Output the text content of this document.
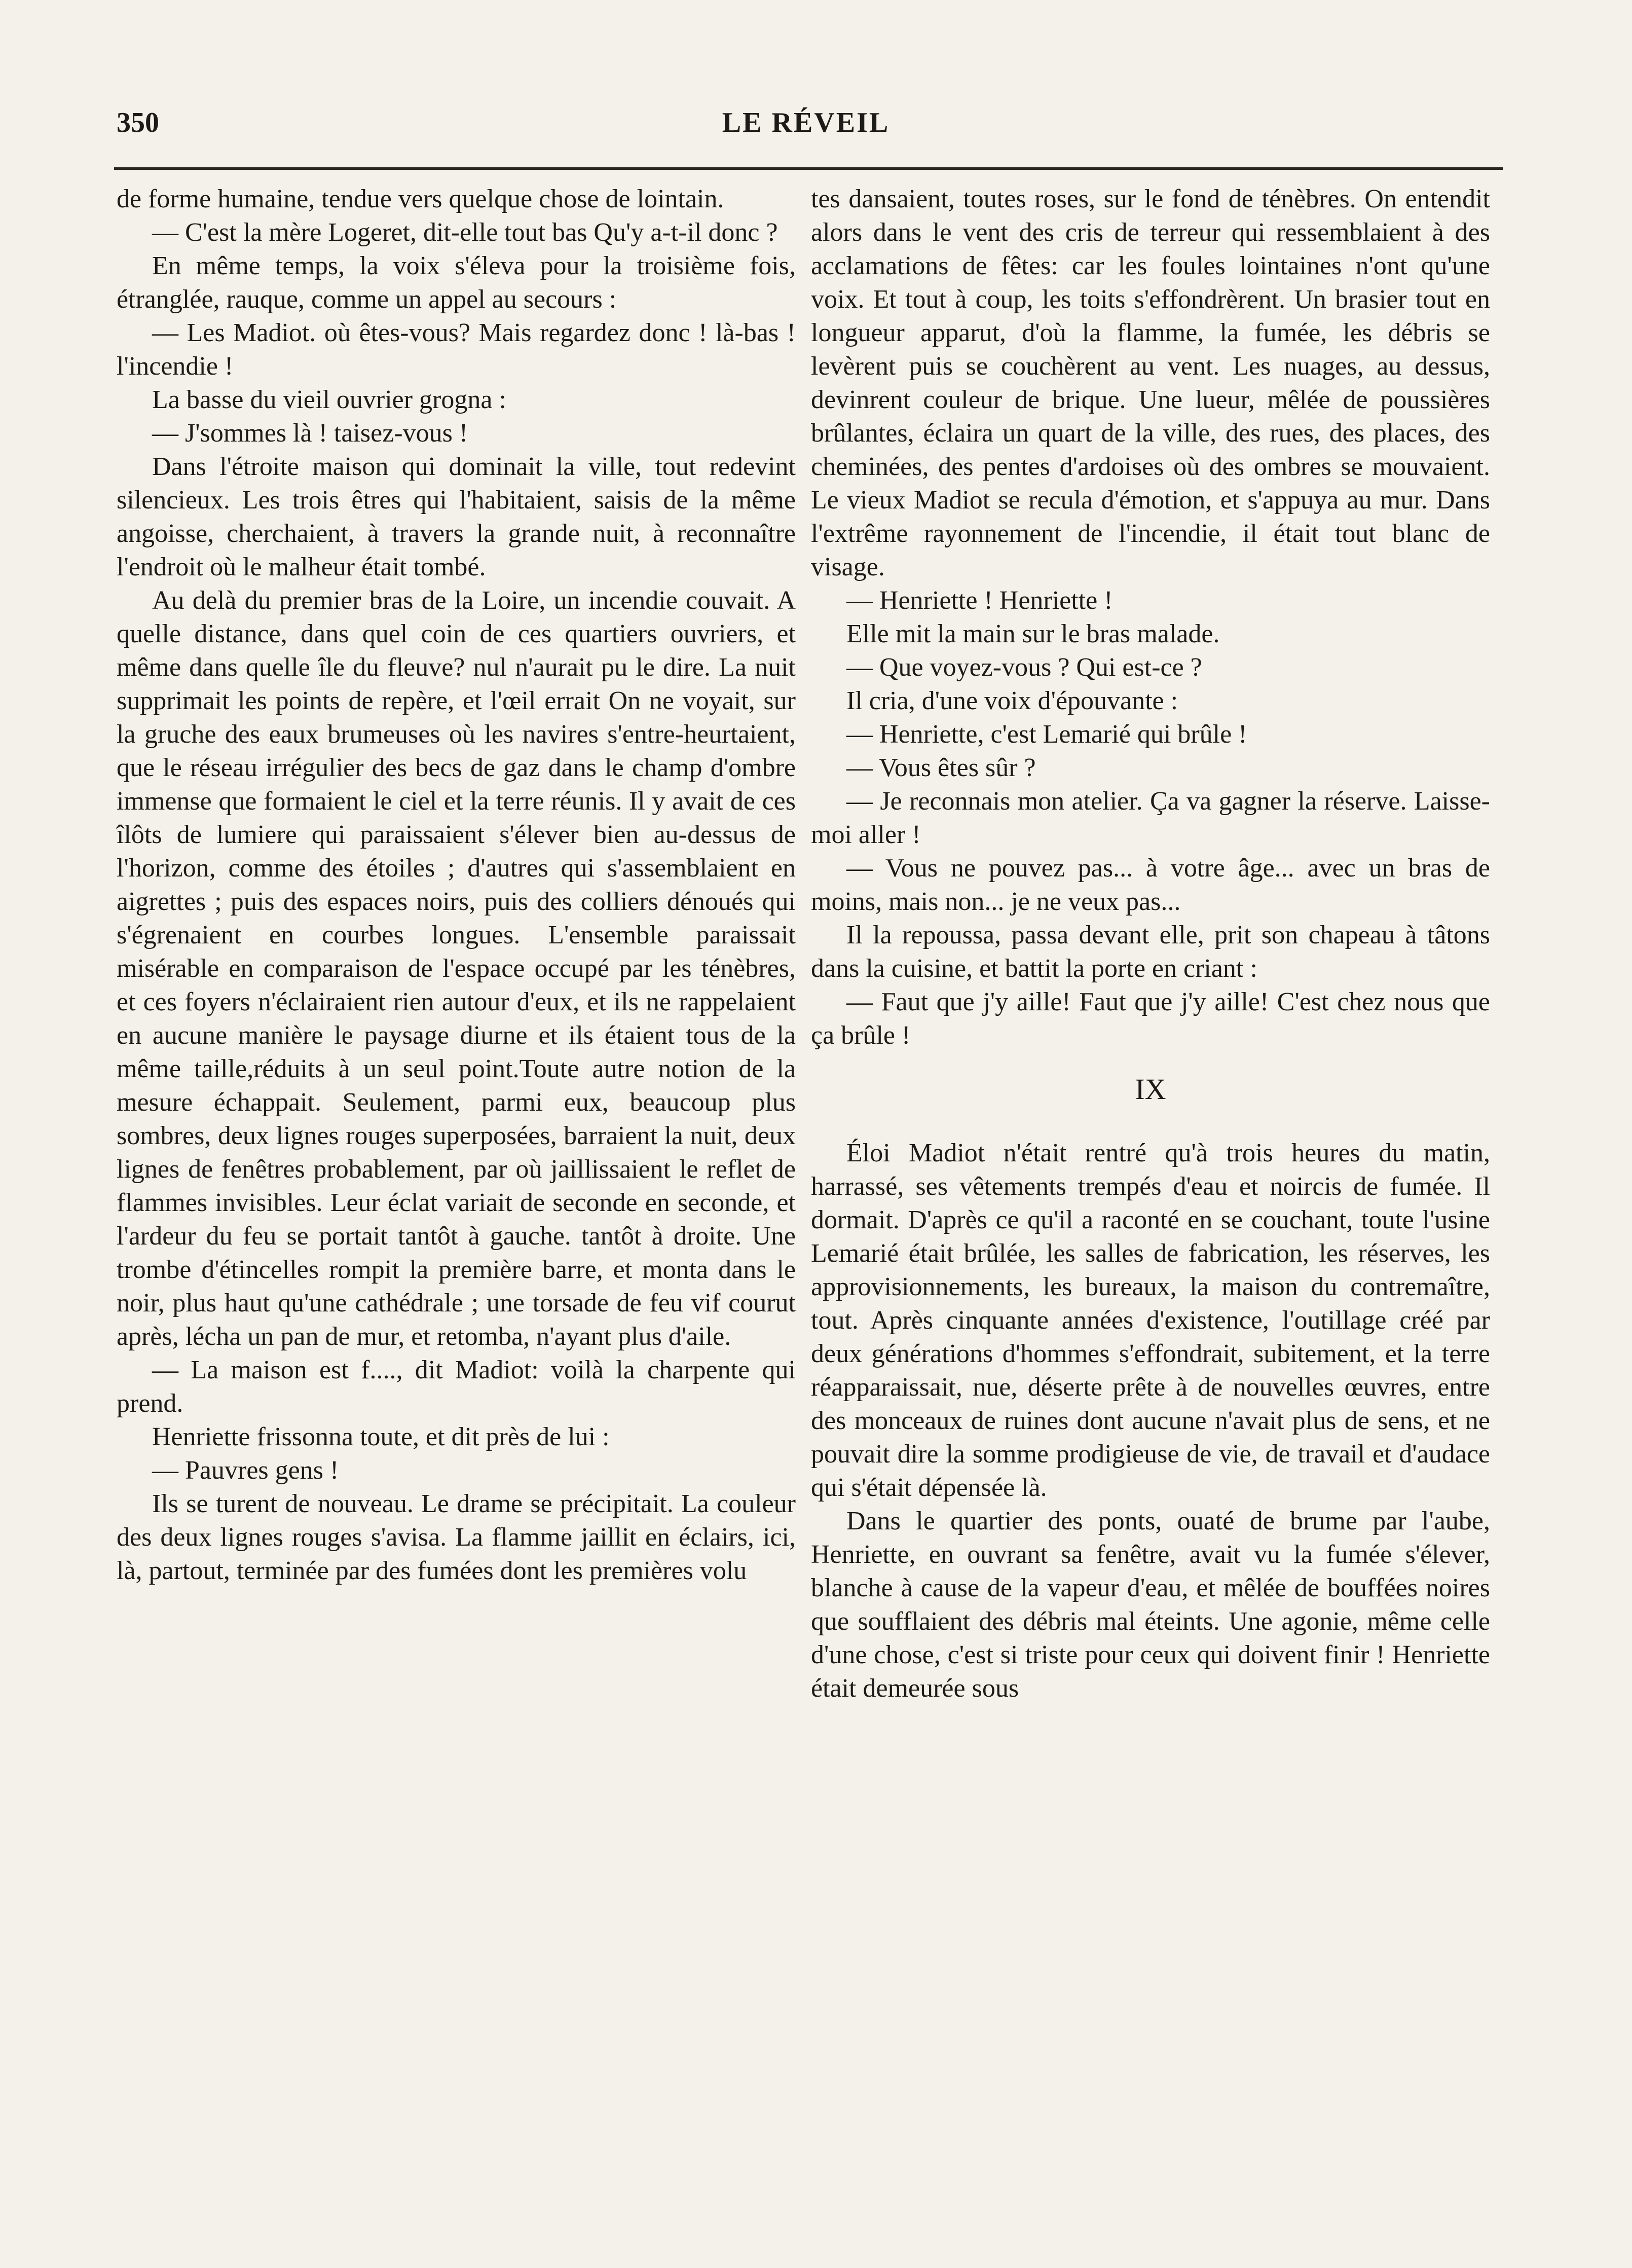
350	LE RÉVEIL

de forme humaine, tendue vers quelque chose de lointain.

— C'est la mère Logeret, dit-elle tout bas Qu'y a-t-il donc ?

En même temps, la voix s'éleva pour la troisième fois, étranglée, rauque, comme un appel au secours :

— Les Madiot. où êtes-vous? Mais regardez donc ! là-bas ! l'incendie !

La basse du vieil ouvrier grogna :

— J'sommes là ! taisez-vous !

Dans l'étroite maison qui dominait la ville, tout redevint silencieux. Les trois êtres qui l'habitaient, saisis de la même angoisse, cherchaient, à travers la grande nuit, à reconnaître l'endroit où le malheur était tombé.

Au delà du premier bras de la Loire, un incendie couvait. A quelle distance, dans quel coin de ces quartiers ouvriers, et même dans quelle île du fleuve? nul n'aurait pu le dire. La nuit supprimait les points de repère, et l'œil errait On ne voyait, sur la gruche des eaux brumeuses où les navires s'entre-heurtaient, que le réseau irrégulier des becs de gaz dans le champ d'ombre immense que formaient le ciel et la terre réunis. Il y avait de ces îlôts de lumiere qui paraissaient s'élever bien au-dessus de l'horizon, comme des étoiles ; d'autres qui s'assemblaient en aigrettes ; puis des espaces noirs, puis des colliers dénoués qui s'égrenaient en courbes longues. L'ensemble paraissait misérable en comparaison de l'espace occupé par les ténèbres, et ces foyers n'éclairaient rien autour d'eux, et ils ne rappelaient en aucune manière le paysage diurne et ils étaient tous de la même taille,réduits à un seul point.Toute autre notion de la mesure échappait. Seulement, parmi eux, beaucoup plus sombres, deux lignes rouges superposées, barraient la nuit, deux lignes de fenêtres probablement, par où jaillissaient le reflet de flammes invisibles. Leur éclat variait de seconde en seconde, et l'ardeur du feu se portait tantôt à gauche. tantôt à droite. Une trombe d'étincelles rompit la première barre, et monta dans le noir, plus haut qu'une cathédrale ; une torsade de feu vif courut après, lécha un pan de mur, et retomba, n'ayant plus d'aile.

— La maison est f...., dit Madiot: voilà la charpente qui prend.

Henriette frissonna toute, et dit près de lui :

— Pauvres gens !

Ils se turent de nouveau. Le drame se précipitait. La couleur des deux lignes rouges s'avisa. La flamme jaillit en éclairs, ici, là, partout, terminée par des fumées dont les premières volu

tes dansaient, toutes roses, sur le fond de ténèbres. On entendit alors dans le vent des cris de terreur qui ressemblaient à des acclamations de fêtes: car les foules lointaines n'ont qu'une voix. Et tout à coup, les toits s'effondrèrent. Un brasier tout en longueur apparut, d'où la flamme, la fumée, les débris se levèrent puis se couchèrent au vent. Les nuages, au dessus, devinrent couleur de brique. Une lueur, mêlée de poussières brûlantes, éclaira un quart de la ville, des rues, des places, des cheminées, des pentes d'ardoises où des ombres se mouvaient. Le vieux Madiot se recula d'émotion, et s'appuya au mur. Dans l'extrême rayonnement de l'incendie, il était tout blanc de visage.

— Henriette ! Henriette !

Elle mit la main sur le bras malade.

— Que voyez-vous ? Qui est-ce ?

Il cria, d'une voix d'épouvante :

— Henriette, c'est Lemarié qui brûle !

— Vous êtes sûr ?

— Je reconnais mon atelier. Ça va gagner la réserve. Laisse-moi aller !

— Vous ne pouvez pas... à votre âge... avec un bras de moins, mais non... je ne veux pas...

Il la repoussa, passa devant elle, prit son chapeau à tâtons dans la cuisine, et battit la porte en criant :

— Faut que j'y aille! Faut que j'y aille! C'est chez nous que ça brûle !

IX

Éloi Madiot n'était rentré qu'à trois heures du matin, harrassé, ses vêtements trempés d'eau et noircis de fumée. Il dormait. D'après ce qu'il a raconté en se couchant, toute l'usine Lemarié était brûlée, les salles de fabrication, les réserves, les approvisionnements, les bureaux, la maison du contremaître, tout. Après cinquante années d'existence, l'outillage créé par deux générations d'hommes s'effondrait, subitement, et la terre réapparaissait, nue, déserte prête à de nouvelles œuvres, entre des monceaux de ruines dont aucune n'avait plus de sens, et ne pouvait dire la somme prodigieuse de vie, de travail et d'audace qui s'était dépensée là.

Dans le quartier des ponts, ouaté de brume par l'aube, Henriette, en ouvrant sa fenêtre, avait vu la fumée s'élever, blanche à cause de la vapeur d'eau, et mêlée de bouffées noires que soufflaient des débris mal éteints. Une agonie, même celle d'une chose, c'est si triste pour ceux qui doivent finir ! Henriette était demeurée sous
